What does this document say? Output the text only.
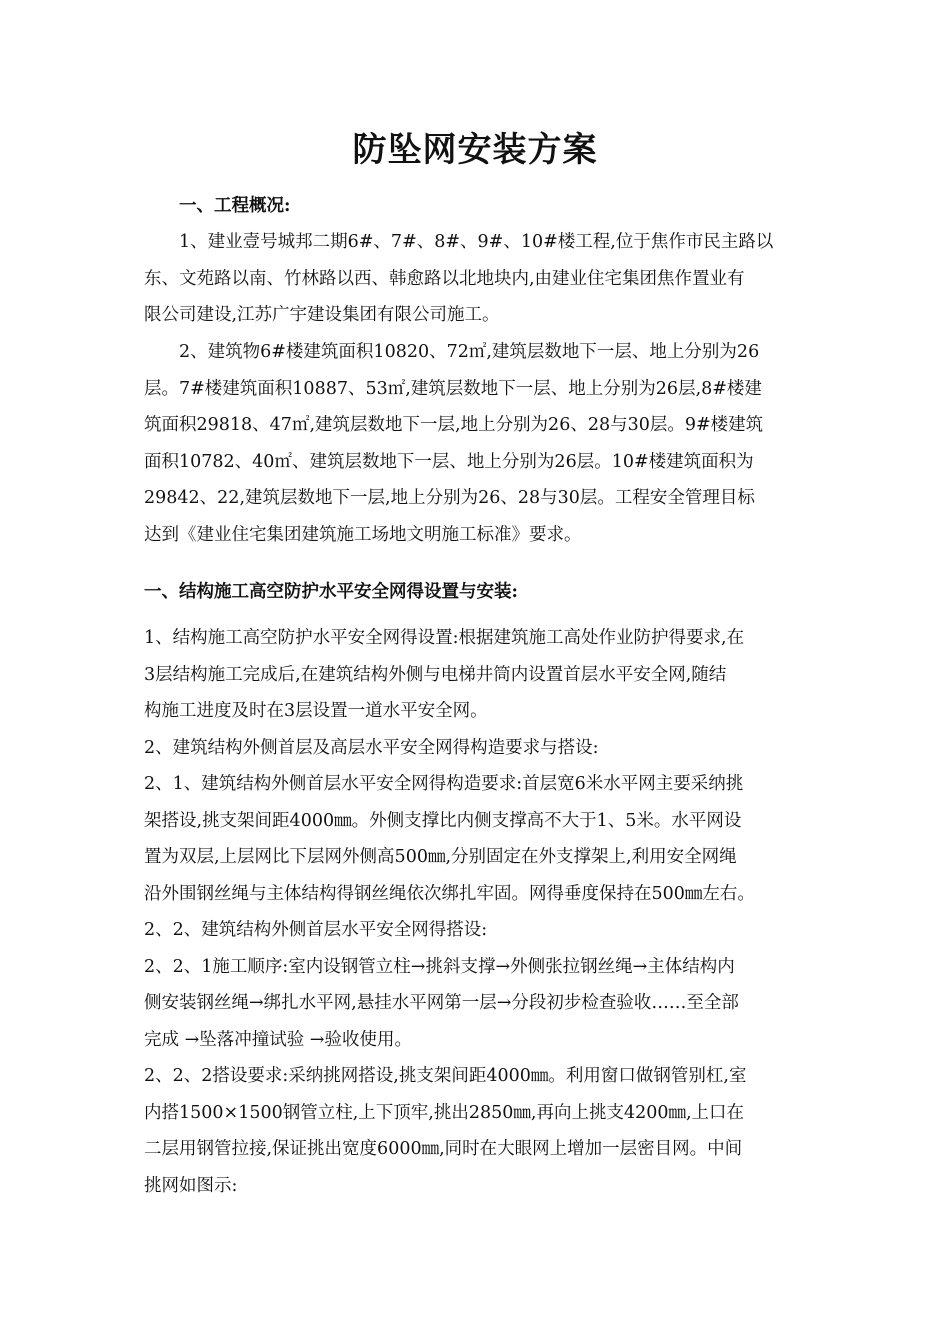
防坠网安装方案
一、工程概况:
1、建业壹号城邦二期6#、7#、8#、9#、10#楼工程,位于焦作市民主路以
东、文苑路以南、竹林路以西、韩愈路以北地块内,由建业住宅集团焦作置业有
限公司建设,江苏广宇建设集团有限公司施工。
2、建筑物6#楼建筑面积10820、72㎡,建筑层数地下一层、地上分别为26
层。7#楼建筑面积10887、53㎡,建筑层数地下一层、地上分别为26层,8#楼建
筑面积29818、47㎡,建筑层数地下一层,地上分别为26、28与30层。9#楼建筑
面积10782、40㎡、建筑层数地下一层、地上分别为26层。10#楼建筑面积为
29842、22,建筑层数地下一层,地上分别为26、28与30层。工程安全管理目标
达到《建业住宅集团建筑施工场地文明施工标准》要求。
一、结构施工高空防护水平安全网得设置与安装:
1、结构施工高空防护水平安全网得设置:根据建筑施工高处作业防护得要求,在
3层结构施工完成后,在建筑结构外侧与电梯井筒内设置首层水平安全网,随结
构施工进度及时在3层设置一道水平安全网。
2、建筑结构外侧首层及高层水平安全网得构造要求与搭设:
2、1、建筑结构外侧首层水平安全网得构造要求:首层宽6米水平网主要采纳挑
架搭设,挑支架间距4000㎜。外侧支撑比内侧支撑高不大于1、5米。水平网设
置为双层,上层网比下层网外侧高500㎜,分别固定在外支撑架上,利用安全网绳
沿外围钢丝绳与主体结构得钢丝绳依次绑扎牢固。网得垂度保持在500㎜左右。
2、2、建筑结构外侧首层水平安全网得搭设:
2、2、1施工顺序:室内设钢管立柱→挑斜支撑→外侧张拉钢丝绳→主体结构内
侧安装钢丝绳→绑扎水平网,悬挂水平网第一层→分段初步检查验收……至全部
完成 →坠落冲撞试验 →验收使用。
2、2、2搭设要求:采纳挑网搭设,挑支架间距4000㎜。利用窗口做钢管别杠,室
内搭1500×1500钢管立柱,上下顶牢,挑出2850㎜,再向上挑支4200㎜,上口在
二层用钢管拉接,保证挑出宽度6000㎜,同时在大眼网上增加一层密目网。中间
挑网如图示:
